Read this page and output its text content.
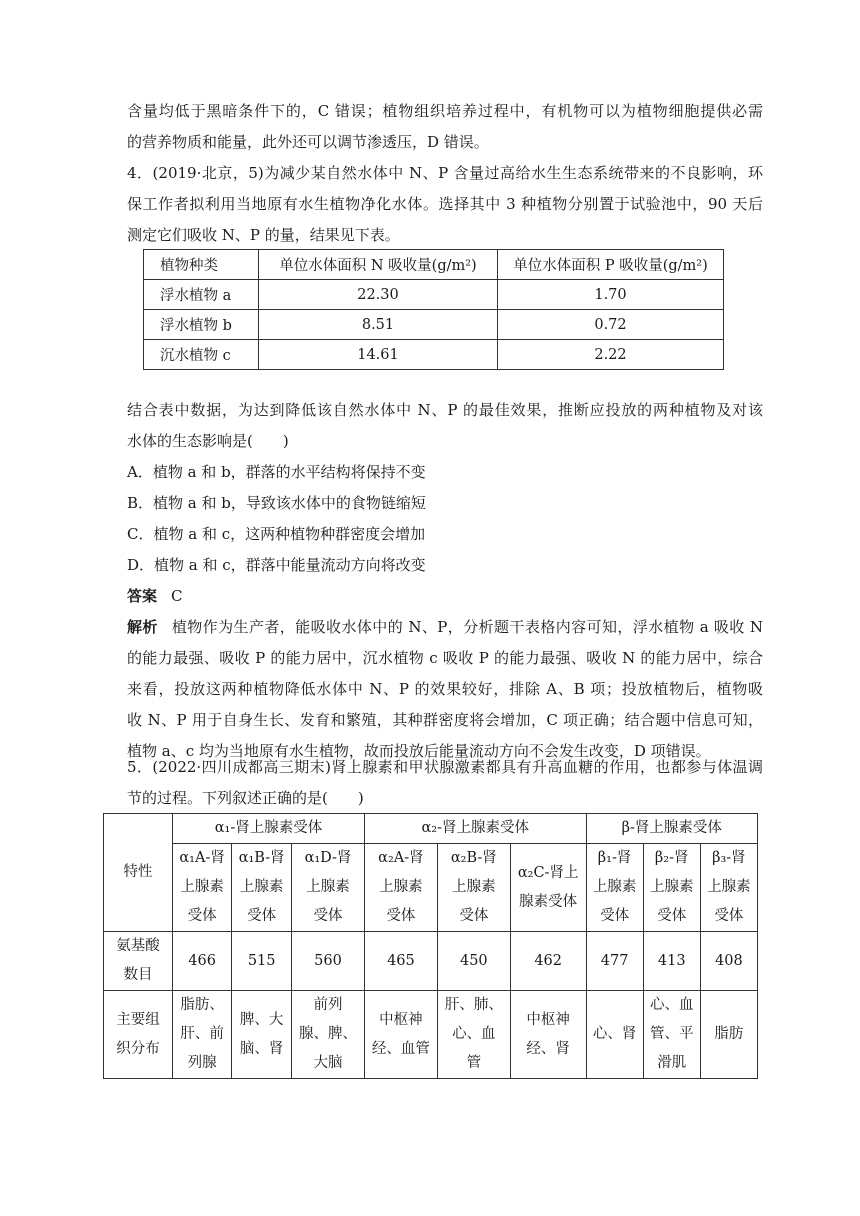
含量均低于黑暗条件下的，C 错误；植物组织培养过程中，有机物可以为植物细胞提供必需
的营养物质和能量，此外还可以调节渗透压，D 错误。
4．(2019·北京，5)为减少某自然水体中 N、P 含量过高给水生生态系统带来的不良影响，环
保工作者拟利用当地原有水生植物净化水体。选择其中 3 种植物分别置于试验池中，90 天后
测定它们吸收 N、P 的量，结果见下表。
植物种类	单位水体面积 N 吸收量(g/m²)	单位水体面积 P 吸收量(g/m²)
浮水植物 a	22.30	1.70
浮水植物 b	8.51	0.72
沉水植物 c	14.61	2.22
结合表中数据，为达到降低该自然水体中 N、P 的最佳效果，推断应投放的两种植物及对该
水体的生态影响是(　　)
A．植物 a 和 b，群落的水平结构将保持不变
B．植物 a 和 b，导致该水体中的食物链缩短
C．植物 a 和 c，这两种植物种群密度会增加
D．植物 a 和 c，群落中能量流动方向将改变
答案 C
解析 植物作为生产者，能吸收水体中的 N、P，分析题干表格内容可知，浮水植物 a 吸收 N
的能力最强、吸收 P 的能力居中，沉水植物 c 吸收 P 的能力最强、吸收 N 的能力居中，综合
来看，投放这两种植物降低水体中 N、P 的效果较好，排除 A、B 项；投放植物后，植物吸
收 N、P 用于自身生长、发育和繁殖，其种群密度将会增加，C 项正确；结合题中信息可知，
植物 a、c 均为当地原有水生植物，故而投放后能量流动方向不会发生改变，D 项错误。
5．(2022·四川成都高三期末)肾上腺素和甲状腺激素都具有升高血糖的作用，也都参与体温调
节的过程。下列叙述正确的是(　　)
特性	α₁-肾上腺素受体			α₂-肾上腺素受体			β-肾上腺素受体		

	α₁A-肾
上腺素
受体	α₁B-肾
上腺素
受体	α₁D-肾
上腺素
受体	α₂A-肾
上腺素
受体	α₂B-肾
上腺素
受体	α₂C-肾上
腺素受体	β₁-肾
上腺素
受体	β₂-肾
上腺素
受体	β₃-肾
上腺素
受体

氨基酸
数目	466	515	560	465	450	462	477	413	408

主要组
织分布	脂肪、
肝、前
列腺	脾、大
脑、肾	前列
腺、脾、
大脑	中枢神
经、血管	肝、肺、
心、血
管	中枢神
经、肾	心、肾	心、血
管、平
滑肌	脂肪
